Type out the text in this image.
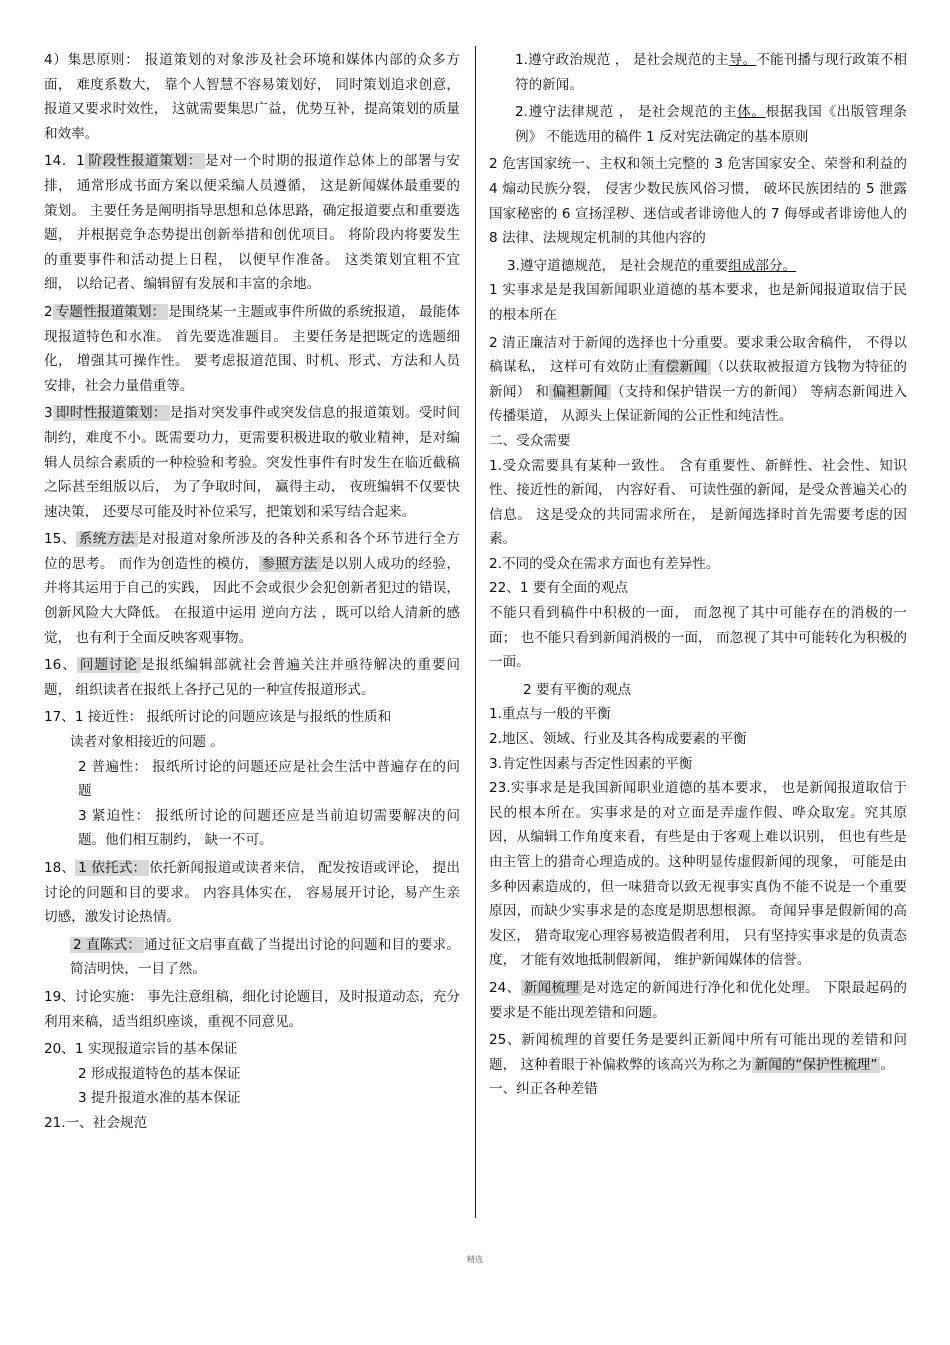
4）集思原则： 报道策划的对象涉及社会环境和媒体内部的众多方面， 难度系数大， 靠个人智慧不容易策划好， 同时策划追求创意， 报道又要求时效性， 这就需要集思广益，优势互补，提高策划的质量和效率。

14．1 阶段性报道策划： 是对一个时期的报道作总体上的部署与安排， 通常形成书面方案以便采编人员遵循， 这是新闻媒体最重要的策划。 主要任务是阐明指导思想和总体思路，确定报道要点和重要选题， 并根据竞争态势提出创新举措和创优项目。 将阶段内将要发生的重要事件和活动提上日程， 以便早作准备。 这类策划宜粗不宜细， 以给记者、编辑留有发展和丰富的余地。

2 专题性报道策划： 是围绕某一主题或事件所做的系统报道， 最能体现报道特色和水准。 首先要选准题目。 主要任务是把既定的选题细化， 增强其可操作性。 要考虑报道范围、时机、形式、方法和人员安排，社会力量借重等。

3 即时性报道策划： 是指对突发事件或突发信息的报道策划。受时间制约，难度不小。既需要功力，更需要积极进取的敬业精神，是对编辑人员综合素质的一种检验和考验。突发性事件有时发生在临近截稿之际甚至组版以后， 为了争取时间， 赢得主动， 夜班编辑不仅要快速决策， 还要尽可能及时补位采写，把策划和采写结合起来。

15、 系统方法 是对报道对象所涉及的各种关系和各个环节进行全方位的思考。 而作为创造性的模仿， 参照方法 是以别人成功的经验， 并将其运用于自己的实践， 因此不会或很少会犯创新者犯过的错误， 创新风险大大降低。 在报道中运用 逆向方法 ，既可以给人清新的感觉， 也有利于全面反映客观事物。

16、 问题讨论 是报纸编辑部就社会普遍关注并亟待解决的重要问题， 组织读者在报纸上各抒己见的一种宣传报道形式。

17、1 接近性： 报纸所讨论的问题应该是与报纸的性质和

读者对象相接近的问题 。

2 普遍性： 报纸所讨论的问题还应是社会生活中普遍存在的问题

3 紧迫性： 报纸所讨论的问题还应是当前迫切需要解决的问题。他们相互制约， 缺一不可。

18、 1 依托式： 依托新闻报道或读者来信， 配发按语或评论， 提出讨论的问题和目的要求。 内容具体实在， 容易展开讨论，易产生亲切感，激发讨论热情。

2 直陈式： 通过征文启事直截了当提出讨论的问题和目的要求。简洁明快，一目了然。

19、讨论实施： 事先注意组稿，细化讨论题目，及时报道动态，充分利用来稿，适当组织座谈，重视不同意见。

20、1 实现报道宗旨的基本保证

2 形成报道特色的基本保证

3 提升报道水准的基本保证

21.一、社会规范

1.遵守政治规范 ， 是社会规范的主导。不能刊播与现行政策不相符的新闻。

2.遵守法律规范 ， 是社会规范的主体。根据我国《出版管理条例》 不能选用的稿件 1 反对宪法确定的基本原则

2 危害国家统一、主权和领土完整的 3 危害国家安全、荣誉和利益的 4 煽动民族分裂， 侵害少数民族风俗习惯， 破坏民族团结的 5 泄露国家秘密的 6 宣扬淫秽、迷信或者诽谤他人的 7 侮辱或者诽谤他人的 8 法律、法规规定机制的其他内容的

3.遵守道德规范， 是社会规范的重要组成部分。

1 实事求是是我国新闻职业道德的基本要求，也是新闻报道取信于民的根本所在

2 清正廉洁对于新闻的选择也十分重要。要求秉公取舍稿件， 不得以稿谋私， 这样可有效防止 有偿新闻 （以获取被报道方钱物为特征的新闻） 和 偏袒新闻 （支持和保护错误一方的新闻） 等病态新闻进入传播渠道， 从源头上保证新闻的公正性和纯洁性。

二、受众需要

1.受众需要具有某种一致性。 含有重要性、新鲜性、社会性、知识性、接近性的新闻， 内容好看、 可读性强的新闻，是受众普遍关心的信息。 这是受众的共同需求所在， 是新闻选择时首先需要考虑的因素。

2.不同的受众在需求方面也有差异性。

22、1 要有全面的观点

不能只看到稿件中积极的一面， 而忽视了其中可能存在的消极的一面； 也不能只看到新闻消极的一面， 而忽视了其中可能转化为积极的一面。

2 要有平衡的观点

1.重点与一般的平衡

2.地区、领域、行业及其各构成要素的平衡

3.肯定性因素与否定性因素的平衡

23.实事求是是我国新闻职业道德的基本要求， 也是新闻报道取信于民的根本所在。实事求是的对立面是弄虚作假、哗众取宠。究其原因，从编辑工作角度来看，有些是由于客观上难以识别， 但也有些是由主管上的猎奇心理造成的。这种明显传虚假新闻的现象， 可能是由多种因素造成的，但一味猎奇以致无视事实真伪不能不说是一个重要原因，而缺少实事求是的态度是期思想根源。 奇闻异事是假新闻的高发区， 猎奇取宠心理容易被造假者利用， 只有坚持实事求是的负责态度， 才能有效地抵制假新闻， 维护新闻媒体的信誉。

24、 新闻梳理 是对选定的新闻进行净化和优化处理。 下限最起码的要求是不能出现差错和问题。

25、新闻梳理的首要任务是要纠正新闻中所有可能出现的差错和问题， 这种着眼于补偏救弊的该高兴为称之为 新闻的“保护性梳理” 。

一、纠正各种差错

精选
